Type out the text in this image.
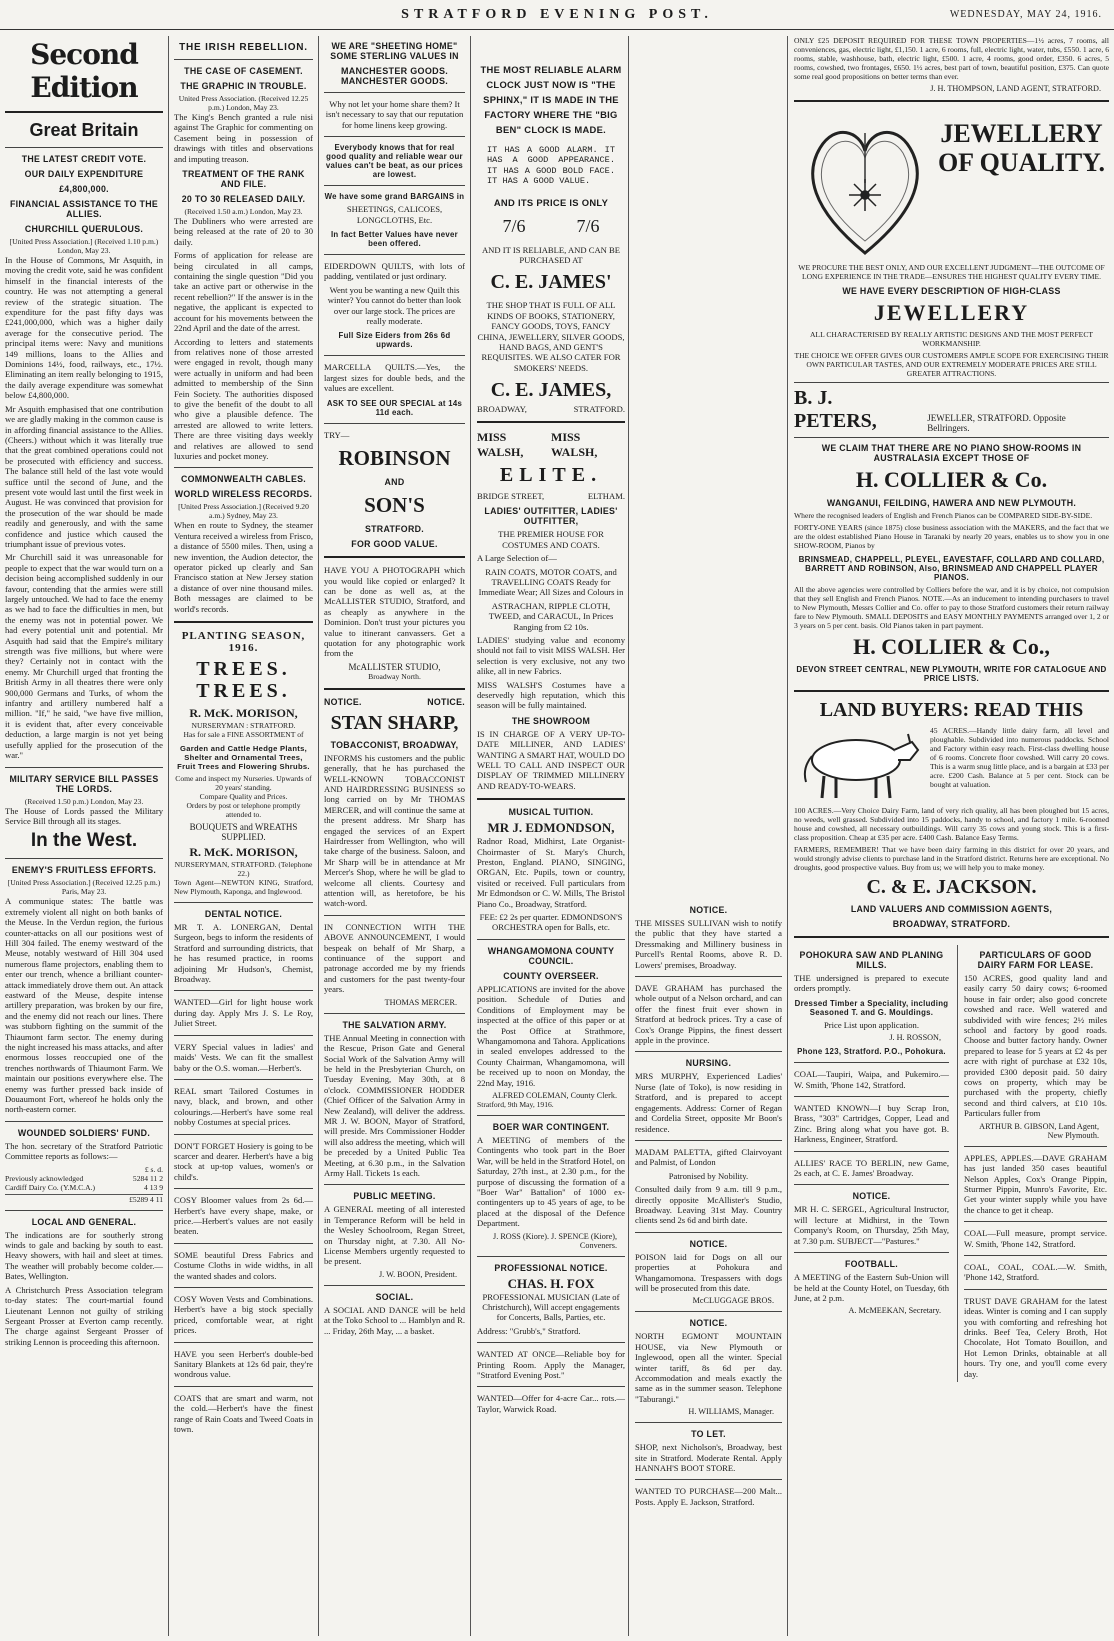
STRATFORD EVENING POST.	WEDNESDAY, MAY 24, 1916.
Second Edition
Great Britain
THE LATEST CREDIT VOTE.
OUR DAILY EXPENDITURE
£4,800,000.
FINANCIAL ASSISTANCE TO THE ALLIES.
CHURCHILL QUERULOUS.
[United Press Association.] (Received 1.10 p.m.) London, May 23.

In the House of Commons, Mr Asquith, in moving the credit vote, said he was confident himself in the financial interests of the country. He was not attempting a general review of the strategic situation. The expenditure for the past fifty days was £241,000,000, which was a higher daily average for the consecutive period. The principal items were: Navy and munitions 149 millions, loans to the Allies and Dominions 14½, food, railways, etc., 17½. Eliminating an item really belonging to 1915, the daily average expenditure was somewhat below £4,800,000.

Mr Asquith emphasised that one contribution we are gladly making in the common cause is in affording financial assistance to the Allies. (Cheers.) without which it was literally true that the great combined operations could not be prosecuted with efficiency and success. The balance still held of the last vote would suffice until the second of June, and the present vote would last until the first week in August. He was convinced that provision for the prosecution of the war should be made readily and generously, and with the same confidence and justice which caused the triumphant issue of previous votes.

Mr Churchill said it was unreasonable for people to expect that the war would turn on a decision being accomplished suddenly in our favour, contending that the armies were still largely untouched. We had to face the enemy as we had to face the difficulties in men, but the enemy was not in potential power. We had every potential unit and potential. Mr Asquith had said that the Empire's military strength was five millions, but where were they? Certainly not in contact with the enemy. Mr Churchill urged that fronting the British Army in all theatres there were only 900,000 Germans and Turks, of whom the infantry and artillery numbered half a million. "If," he said, "we have five million, it is evident that, after every conceivable deduction, a large margin is not yet being usefully applied for the prosecution of the war."

MILITARY SERVICE BILL PASSES THE LORDS.
(Received 1.50 p.m.) London, May 23.

The House of Lords passed the Military Service Bill through all its stages.

In the West.
ENEMY'S FRUITLESS EFFORTS.
[United Press Association.] (Received 12.25 p.m.) Paris, May 23.

A communique states: The battle was extremely violent all night on both banks of the Meuse. In the Verdun region, the furious counter-attacks on all our positions west of Hill 304 failed. The enemy westward of the Meuse, notably westward of Hill 304 used numerous flame projectors, enabling them to enter our trench, whence a brilliant counter-attack immediately drove them out. An attack eastward of the Meuse, despite intense artillery preparation, was broken by our fire, and the enemy did not reach our lines. There was stubborn fighting on the summit of the Thiaumont farm sector. The enemy during the night increased his mass attacks, and after enormous losses reoccupied one of the trenches northwards of Thiaumont Farm. We maintain our positions everywhere else. The enemy was further pressed back inside of Douaumont Fort, whereof he holds only the north-eastern corner.

WOUNDED SOLDIERS' FUND.

The hon. secretary of the Stratford Patriotic Committee reports as follows:—

£ s. d.
Previously acknowledged	5284 11 2
Cardiff Dairy Co. (Y.M.C.A.)	4 13 9
£5289 4 11
LOCAL AND GENERAL.

The indications are for southerly strong winds to gale and backing by south to east. Heavy showers, with hail and sleet at times. The weather will probably become colder.—Bates, Wellington.

A Christchurch Press Association telegram to-day states: The court-martial found Lieutenant Lennon not guilty of striking Sergeant Prosser at Everton camp recently. The charge against Sergeant Prosser of striking Lennon is proceeding this afternoon.

THE IRISH REBELLION.
THE CASE OF CASEMENT.
THE GRAPHIC IN TROUBLE.
United Press Association. (Received 12.25 p.m.) London, May 23.

The King's Bench granted a rule nisi against The Graphic for commenting on Casement being in possession of drawings with titles and observations and imputing treason.

TREATMENT OF THE RANK AND FILE.
20 TO 30 RELEASED DAILY.
(Received 1.50 a.m.) London, May 23.

The Dubliners who were arrested are being released at the rate of 20 to 30 daily.

Forms of application for release are being circulated in all camps, containing the single question "Did you take an active part or otherwise in the recent rebellion?" If the answer is in the negative, the applicant is expected to account for his movements between the 22nd April and the date of the arrest.

According to letters and statements from relatives none of those arrested were engaged in revolt, though many were actually in uniform and had been admitted to membership of the Sinn Fein Society. The authorities disposed to give the benefit of the doubt to all who give a plausible defence. The arrested are allowed to write letters. There are three visiting days weekly and relatives are allowed to send luxuries and pocket money.

COMMONWEALTH CABLES.
WORLD WIRELESS RECORDS.
[United Press Association.] (Received 9.20 a.m.) Sydney, May 23.

When en route to Sydney, the steamer Ventura received a wireless from Frisco, a distance of 5500 miles. Then, using a new invention, the Audion detector, the operator picked up clearly and San Francisco station at New Jersey station a distance of over nine thousand miles. Both messages are claimed to be world's records.

PLANTING SEASON, 1916.
TREES. TREES.
R. McK. MORISON,
NURSERYMAN : STRATFORD.
Has for sale a FINE ASSORTMENT of
Garden and Cattle Hedge Plants, Shelter and Ornamental Trees, Fruit Trees and Flowering Shrubs.
Come and inspect my Nurseries. Upwards of 20 years' standing.
Compare Quality and Prices.
Orders by post or telephone promptly attended to.
BOUQUETS and WREATHS SUPPLIED.
R. McK. MORISON,
NURSERYMAN, STRATFORD. (Telephone 22.)

Town Agent—NEWTON KING, Stratford, New Plymouth, Kaponga, and Inglewood.

DENTAL NOTICE.

MR T. A. LONERGAN, Dental Surgeon, begs to inform the residents of Stratford and surrounding districts, that he has resumed practice, in rooms adjoining Mr Hudson's, Chemist, Broadway.

WANTED—Girl for light house work during day. Apply Mrs J. S. Le Roy, Juliet Street.

VERY Special values in ladies' and maids' Vests. We can fit the smallest baby or the O.S. woman.—Herbert's.

REAL smart Tailored Costumes in navy, black, and brown, and other colourings.—Herbert's have some real nobby Costumes at special prices.

DON'T FORGET Hosiery is going to be scarcer and dearer. Herbert's have a big stock at up-top values, women's or child's.

COSY Bloomer values from 2s 6d.—Herbert's have every shape, make, or price.—Herbert's values are not easily beaten.

SOME beautiful Dress Fabrics and Costume Cloths in wide widths, in all the wanted shades and colors.

COSY Woven Vests and Combinations. Herbert's have a big stock specially priced, comfortable wear, at right prices.

HAVE you seen Herbert's double-bed Sanitary Blankets at 12s 6d pair, they're wondrous value.

COATS that are smart and warm, not the cold.—Herbert's have the finest range of Rain Coats and Tweed Coats in town.

WE ARE "SHEETING HOME" SOME STERLING VALUES IN
MANCHESTER GOODS. MANCHESTER GOODS.

Why not let your home share them? It isn't necessary to say that our reputation for home linens keep growing.

Everybody knows that for real good quality and reliable wear our values can't be beat, as our prices are lowest.
We have some grand BARGAINS in

SHEETINGS, CALICOES, LONGCLOTHS, Etc.

In fact Better Values have never been offered.

EIDERDOWN QUILTS, with lots of padding, ventilated or just ordinary.

Went you be wanting a new Quilt this winter? You cannot do better than look over our large stock. The prices are really moderate.

Full Size Eiders from 26s 6d upwards.

MARCELLA QUILTS.—Yes, the largest sizes for double beds, and the values are excellent.

ASK TO SEE OUR SPECIAL at 14s 11d each.

TRY—

ROBINSON
AND
SON'S
STRATFORD.
FOR GOOD VALUE.

HAVE YOU A PHOTOGRAPH which you would like copied or enlarged? It can be done as well as, at the McALLISTER STUDIO, Stratford, and as cheaply as anywhere in the Dominion. Don't trust your pictures you value to itinerant canvassers. Get a quotation for any photographic work from the

McALLISTER STUDIO,
Broadway North.
NOTICE.	NOTICE.
STAN SHARP,
TOBACCONIST, BROADWAY,

INFORMS his customers and the public generally, that he has purchased the WELL-KNOWN TOBACCONIST AND HAIRDRESSING BUSINESS so long carried on by Mr THOMAS MERCER, and will continue the same at the present address. Mr Sharp has engaged the services of an Expert Hairdresser from Wellington, who will take charge of the business. Saloon, and Mr Sharp will be in attendance at Mr Mercer's Shop, where he will be glad to welcome all clients. Courtesy and attention will, as heretofore, be his watch-word.

IN CONNECTION WITH THE ABOVE ANNOUNCEMENT, I would bespeak on behalf of Mr Sharp, a continuance of the support and patronage accorded me by my friends and customers for the past twenty-four years.

THOMAS MERCER.
THE SALVATION ARMY.

THE Annual Meeting in connection with the Rescue, Prison Gate and General Social Work of the Salvation Army will be held in the Presbyterian Church, on Tuesday Evening, May 30th, at 8 o'clock. COMMISSIONER HODDER (Chief Officer of the Salvation Army in New Zealand), will deliver the address. MR J. W. BOON, Mayor of Stratford, will preside. Mrs Commissioner Hodder will also address the meeting, which will be preceded by a United Public Tea Meeting, at 6.30 p.m., in the Salvation Army Hall. Tickets 1s each.

PUBLIC MEETING.

A GENERAL meeting of all interested in Temperance Reform will be held in the Wesley Schoolroom, Regan Street, on Thursday night, at 7.30. All No-License Members urgently requested to be present.

J. W. BOON, President.
SOCIAL.

A SOCIAL AND DANCE will be held at the Toko School to ... Hamblyn and R. ... Friday, 26th May, ... a basket.

THE MOST RELIABLE ALARM CLOCK JUST NOW IS "THE SPHINX," IT IS MADE IN THE FACTORY WHERE THE "BIG BEN" CLOCK IS MADE.

IT HAS A GOOD ALARM. IT HAS A GOOD APPEARANCE. IT HAS A GOOD BOLD FACE. IT HAS A GOOD VALUE.

AND ITS PRICE IS ONLY
7/6	7/6

AND IT IS RELIABLE, AND CAN BE PURCHASED AT

C. E. JAMES'

THE SHOP THAT IS FULL OF ALL KINDS OF BOOKS, STATIONERY, FANCY GOODS, TOYS, FANCY CHINA, JEWELLERY, SILVER GOODS, HAND BAGS, AND GENT'S REQUISITES. WE ALSO CATER FOR SMOKERS' NEEDS.

C. E. JAMES,
BROADWAY,	STRATFORD.
MISS WALSH,
MISS WALSH,
ELITE.
BRIDGE STREET,	ELTHAM.
LADIES' OUTFITTER, LADIES' OUTFITTER,

THE PREMIER HOUSE FOR COSTUMES AND COATS.

A Large Selection of—

RAIN COATS, MOTOR COATS, and TRAVELLING COATS Ready for Immediate Wear; All Sizes and Colours in

ASTRACHAN, RIPPLE CLOTH, TWEED, and CARACUL, In Prices Ranging from £2 10s.

LADIES' studying value and economy should not fail to visit MISS WALSH. Her selection is very exclusive, not any two alike, all in new Fabrics.

MISS WALSH'S Costumes have a deservedly high reputation, which this season will be fully maintained.

THE SHOWROOM

IS IN CHARGE OF A VERY UP-TO-DATE MILLINER, AND LADIES' WANTING A SMART HAT, WOULD DO WELL TO CALL AND INSPECT OUR DISPLAY OF TRIMMED MILLINERY AND READY-TO-WEARS.

MUSICAL TUITION.
MR J. EDMONDSON,

Radnor Road, Midhirst, Late Organist-Choirmaster of St. Mary's Church, Preston, England. PIANO, SINGING, ORGAN, Etc. Pupils, town or country, visited or received. Full particulars from Mr Edmondson or C. W. Mills, The Bristol Piano Co., Broadway, Stratford.

FEE: £2 2s per quarter. EDMONDSON'S ORCHESTRA open for Balls, etc.

WHANGAMOMONA COUNTY COUNCIL.
COUNTY OVERSEER.

APPLICATIONS are invited for the above position. Schedule of Duties and Conditions of Employment may be inspected at the office of this paper or at the Post Office at Strathmore, Whangamomona and Tahora. Applications in sealed envelopes addressed to the County Chairman, Whangamomona, will be received up to noon on Monday, the 22nd May, 1916.

ALFRED COLEMAN, County Clerk.

Stratford, 9th May, 1916.

BOER WAR CONTINGENT.

A MEETING of members of the Contingents who took part in the Boer War, will be held in the Stratford Hotel, on Saturday, 27th inst., at 2.30 p.m., for the purpose of discussing the formation of a "Boer War" Battalion" of 1000 ex-contingenters up to 45 years of age, to be placed at the disposal of the Defence Department.

J. ROSS (Kiore). J. SPENCE (Kiore), Conveners.
PROFESSIONAL NOTICE.
CHAS. H. FOX

PROFESSIONAL MUSICIAN (Late of Christchurch), Will accept engagements for Concerts, Balls, Parties, etc.

Address: "Grubb's," Stratford.

WANTED AT ONCE—Reliable boy for Printing Room. Apply the Manager, "Stratford Evening Post."

WANTED—Offer for 4-acre Car... rots.—Taylor, Warwick Road.

NOTICE.

THE MISSES SULLIVAN wish to notify the public that they have started a Dressmaking and Millinery business in Purcell's Rental Rooms, above R. D. Lowers' premises, Broadway.

DAVE GRAHAM has purchased the whole output of a Nelson orchard, and can offer the finest fruit ever shown in Stratford at bedrock prices. Try a case of Cox's Orange Pippins, the finest dessert apple in the province.

NURSING.

MRS MURPHY, Experienced Ladies' Nurse (late of Toko), is now residing in Stratford, and is prepared to accept engagements. Address: Corner of Regan and Cordelia Street, opposite Mr Boon's residence.

MADAM PALETTA, gifted Clairvoyant and Palmist, of London

Patronised by Nobility.

Consulted daily from 9 a.m. till 9 p.m., directly opposite McAllister's Studio, Broadway. Leaving 31st May. Country clients send 2s 6d and birth date.

NOTICE.

POISON laid for Dogs on all our properties at Pohokura and Whangamomona. Trespassers with dogs will be prosecuted from this date.

McCLUGGAGE BROS.
NOTICE.

NORTH EGMONT MOUNTAIN HOUSE, via New Plymouth or Inglewood, open all the winter. Special winter tariff, 8s 6d per day. Accommodation and meals exactly the same as in the summer season. Telephone "Taburangi."

H. WILLIAMS, Manager.
TO LET.

SHOP, next Nicholson's, Broadway, best site in Stratford. Moderate Rental. Apply HANNAH'S BOOT STORE.

WANTED TO PURCHASE—200 Malt... Posts. Apply E. Jackson, Stratford.

ONLY £25 DEPOSIT REQUIRED FOR THESE TOWN PROPERTIES—1½ acres, 7 rooms, all conveniences, gas, electric light, £1,150. 1 acre, 6 rooms, full, electric light, water, tubs, £550. 1 acre, 6 rooms, stable, washhouse, bath, electric light, £500. 1 acre, 4 rooms, good order, £350. 6 acres, 5 rooms, cowshed, two frontages, £650. 1½ acres, best part of town, beautiful position, £375. Can quote some real good propositions on better terms than ever.

J. H. THOMPSON, LAND AGENT, STRATFORD.
JEWELLERY OF QUALITY.

WE PROCURE THE BEST ONLY, AND OUR EXCELLENT JUDGMENT—THE OUTCOME OF LONG EXPERIENCE IN THE TRADE—ENSURES THE HIGHEST QUALITY EVERY TIME.

WE HAVE EVERY DESCRIPTION OF HIGH-CLASS
JEWELLERY

ALL CHARACTERISED BY REALLY ARTISTIC DESIGNS AND THE MOST PERFECT WORKMANSHIP.

THE CHOICE WE OFFER GIVES OUR CUSTOMERS AMPLE SCOPE FOR EXERCISING THEIR OWN PARTICULAR TASTES, AND OUR EXTREMELY MODERATE PRICES ARE STILL GREATER ATTRACTIONS.

B. J. PETERS,	JEWELLER, STRATFORD. Opposite Bellringers.
WE CLAIM THAT THERE ARE NO PIANO SHOW-ROOMS IN AUSTRALASIA EXCEPT THOSE OF
H. COLLIER & Co.
WANGANUI, FEILDING, HAWERA AND NEW PLYMOUTH.

Where the recognised leaders of English and French Pianos can be COMPARED SIDE-BY-SIDE.

FORTY-ONE YEARS (since 1875) close business association with the MAKERS, and the fact that we are the oldest established Piano House in Taranaki by nearly 20 years, enables us to show you in one SHOW-ROOM, Pianos by

BRINSMEAD, CHAPPELL, PLEYEL, EAVESTAFF, COLLARD AND COLLARD, BARRETT AND ROBINSON, Also, BRINSMEAD AND CHAPPELL PLAYER PIANOS.

All the above agencies were controlled by Colliers before the war, and it is by choice, not compulsion that they sell English and French Pianos. NOTE.—As an inducement to intending purchasers to travel to New Plymouth, Messrs Collier and Co. offer to pay to those Stratford customers their return railway fare to New Plymouth. SMALL DEPOSITS and EASY MONTHLY PAYMENTS arranged over 1, 2 or 3 years on 5 per cent. basis. Old Pianos taken in part payment.

H. COLLIER & Co.,
DEVON STREET CENTRAL, NEW PLYMOUTH, WRITE FOR CATALOGUE AND PRICE LISTS.
LAND BUYERS: READ THIS

45 ACRES.—Handy little dairy farm, all level and ploughable. Subdivided into numerous paddocks. School and Factory within easy reach. First-class dwelling house of 6 rooms. Concrete floor cowshed. Will carry 20 cows. This is a warm snug little place, and is a bargain at £33 per acre. £200 Cash. Balance at 5 per cent. Stock can be bought at valuation.

100 ACRES.—Very Choice Dairy Farm, land of very rich quality, all has been ploughed but 15 acres, no weeds, well grassed. Subdivided into 15 paddocks, handy to school, and factory 1 mile. 6-roomed house and cowshed, all necessary outbuildings. Will carry 35 cows and young stock. This is a first-class proposition. Cheap at £35 per acre. £400 Cash. Balance Easy Terms.

FARMERS, REMEMBER! That we have been dairy farming in this district for over 20 years, and would strongly advise clients to purchase land in the Stratford district. Returns here are exceptional. No droughts, good prospective values. Buy from us; we will help you to make money.

C. & E. JACKSON.
LAND VALUERS AND COMMISSION AGENTS,
BROADWAY, STRATFORD.
POHOKURA SAW AND PLANING MILLS.

THE undersigned is prepared to execute orders promptly.

Dressed Timber a Speciality, including Seasoned T. and G. Mouldings.

Price List upon application.

J. H. ROSSON,
Phone 123, Stratford. P.O., Pohokura.

COAL—Taupiri, Waipa, and Pukemiro.—W. Smith, 'Phone 142, Stratford.

WANTED KNOWN—I buy Scrap Iron, Brass, "303" Cartridges, Copper, Lead and Zinc. Bring along what you have got. B. Harkness, Engineer, Stratford.

ALLIES' RACE TO BERLIN, new Game, 2s each, at C. E. James' Broadway.

NOTICE.

MR H. C. SERGEL, Agricultural Instructor, will lecture at Midhirst, in the Town Company's Room, on Thursday, 25th May, at 7.30 p.m. SUBJECT—"Pastures."

FOOTBALL.

A MEETING of the Eastern Sub-Union will be held at the County Hotel, on Tuesday, 6th June, at 2 p.m.

A. McMEEKAN, Secretary.
PARTICULARS OF GOOD DAIRY FARM FOR LEASE.

150 ACRES, good quality land and easily carry 50 dairy cows; 6-roomed house in fair order; also good concrete cowshed and race. Well watered and subdivided with wire fences; 2½ miles school and factory by good roads. Choose and butter factory handy. Owner prepared to lease for 5 years at £2 4s per acre with right of purchase at £32 10s, provided £300 deposit paid. 50 dairy cows on property, which may be purchased with the property, chiefly second and third calvers, at £10 10s. Particulars fuller from

ARTHUR B. GIBSON, Land Agent, New Plymouth.

APPLES, APPLES.—DAVE GRAHAM has just landed 350 cases beautiful Nelson Apples, Cox's Orange Pippin, Sturmer Pippin, Munro's Favorite, Etc. Get your winter supply while you have the chance to get it cheap.

COAL—Full measure, prompt service. W. Smith, 'Phone 142, Stratford.

COAL, COAL, COAL.—W. Smith, 'Phone 142, Stratford.

TRUST DAVE GRAHAM for the latest ideas. Winter is coming and I can supply you with comforting and refreshing hot drinks. Beef Tea, Celery Broth, Hot Chocolate, Hot Tomato Bouillon, and Hot Lemon Drinks, obtainable at all hours. Try one, and you'll come every day.
